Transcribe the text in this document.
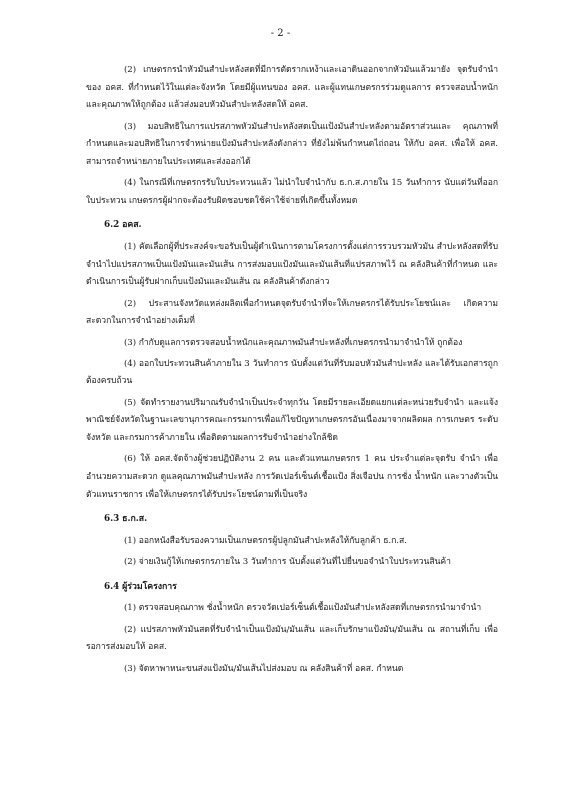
- 2 -

(2) เกษตรกรนำหัวมันสำปะหลังสดที่มีการตัดรากเหง้าและเอาดินออกจากหัวมันแล้วมายัง จุดรับจำนำของ อคส. ที่กำหนดไว้ในแต่ละจังหวัด โดยมีผู้แทนของ อคส. และผู้แทนเกษตรกรร่วมดูแลการ ตรวจสอบน้ำหนักและคุณภาพให้ถูกต้อง แล้วส่งมอบหัวมันสำปะหลังสดให้ อคส.

(3) มอบสิทธิในการแปรสภาพหัวมันสำปะหลังสดเป็นแป้งมันสำปะหลังตามอัตราส่วนและ คุณภาพที่กำหนดและมอบสิทธิในการจำหน่ายแป้งมันสำปะหลังดังกล่าว ที่ยังไม่พ้นกำหนดไถ่ถอน ให้กับ อคส. เพื่อให้ อคส. สามารถจำหน่ายภายในประเทศและส่งออกได้

(4) ในกรณีที่เกษตรกรรับใบประทวนแล้ว ไม่นำใบจำนำกับ ธ.ก.ส.ภายใน 15 วันทำการ นับแต่วันที่ออกใบประทวน เกษตรกรผู้ฝากจะต้องรับผิดชอบชดใช้ค่าใช้จ่ายที่เกิดขึ้นทั้งหมด

6.2 อคส.

(1) คัดเลือกผู้ที่ประสงค์จะขอรับเป็นผู้ดำเนินการตามโครงการตั้งแต่การรวบรวมหัวมัน สำปะหลังสดที่รับจำนำไปแปรสภาพเป็นแป้งมันและมันเส้น การส่งมอบแป้งมันและมันเส้นที่แปรสภาพไว้ ณ คลังสินค้าที่กำหนด และดำเนินการเป็นผู้รับฝากเก็บแป้งมันและมันเส้น ณ คลังสินค้าดังกล่าว

(2) ประสานจังหวัดแหล่งผลิตเพื่อกำหนดจุดรับจำนำที่จะให้เกษตรกรได้รับประโยชน์และ เกิดความสะดวกในการจำนำอย่างเต็มที่

(3) กำกับดูแลการตรวจสอบน้ำหนักและคุณภาพมันสำปะหลังที่เกษตรกรนำมาจำนำให้ ถูกต้อง

(4) ออกใบประทวนสินค้าภายใน 3 วันทำการ นับตั้งแต่วันที่รับมอบหัวมันสำปะหลัง และได้รับเอกสารถูกต้องครบถ้วน

(5) จัดทำรายงานปริมาณรับจำนำเป็นประจำทุกวัน โดยมีรายละเอียดแยกแต่ละหน่วยรับจำนำ และแจ้งพาณิชย์จังหวัดในฐานะเลขานุการคณะกรรมการเพื่อแก้ไขปัญหาเกษตรกรอันเนื่องมาจากผลิตผล การเกษตร ระดับจังหวัด และกรมการค้าภายใน เพื่อติดตามผลการรับจำนำอย่างใกล้ชิด

(6) ให้ อคส.จัดจ้างผู้ช่วยปฏิบัติงาน 2 คน และตัวแทนเกษตรกร 1 คน ประจำแต่ละจุดรับ จำนำ เพื่ออำนวยความสะดวก ดูแลคุณภาพมันสำปะหลัง การวัดเปอร์เซ็นต์เชื้อแป้ง สิ่งเจือปน การชั่ง น้ำหนัก และวางตัวเป็นตัวแทนราชการ เพื่อให้เกษตรกรได้รับประโยชน์ตามที่เป็นจริง

6.3 ธ.ก.ส.

(1) ออกหนังสือรับรองความเป็นเกษตรกรผู้ปลูกมันสำปะหลังให้กับลูกค้า ธ.ก.ส.

(2) จ่ายเงินกู้ให้เกษตรกรภายใน 3 วันทำการ นับตั้งแต่วันที่ไปยื่นขอจำนำใบประทวนสินค้า

6.4 ผู้ร่วมโครงการ

(1) ตรวจสอบคุณภาพ ชั่งน้ำหนัก ตรวจวัดเปอร์เซ็นต์เชื้อแป้งมันสำปะหลังสดที่เกษตรกรนำมาจำนำ

(2) แปรสภาพหัวมันสดที่รับจำนำเป็นแป้งมัน/มันเส้น และเก็บรักษาแป้งมัน/มันเส้น ณ สถานที่เก็บ เพื่อรอการส่งมอบให้ อคส.

(3) จัดหาพาหนะขนส่งแป้งมัน/มันเส้นไปส่งมอบ ณ คลังสินค้าที่ อคส. กำหนด
